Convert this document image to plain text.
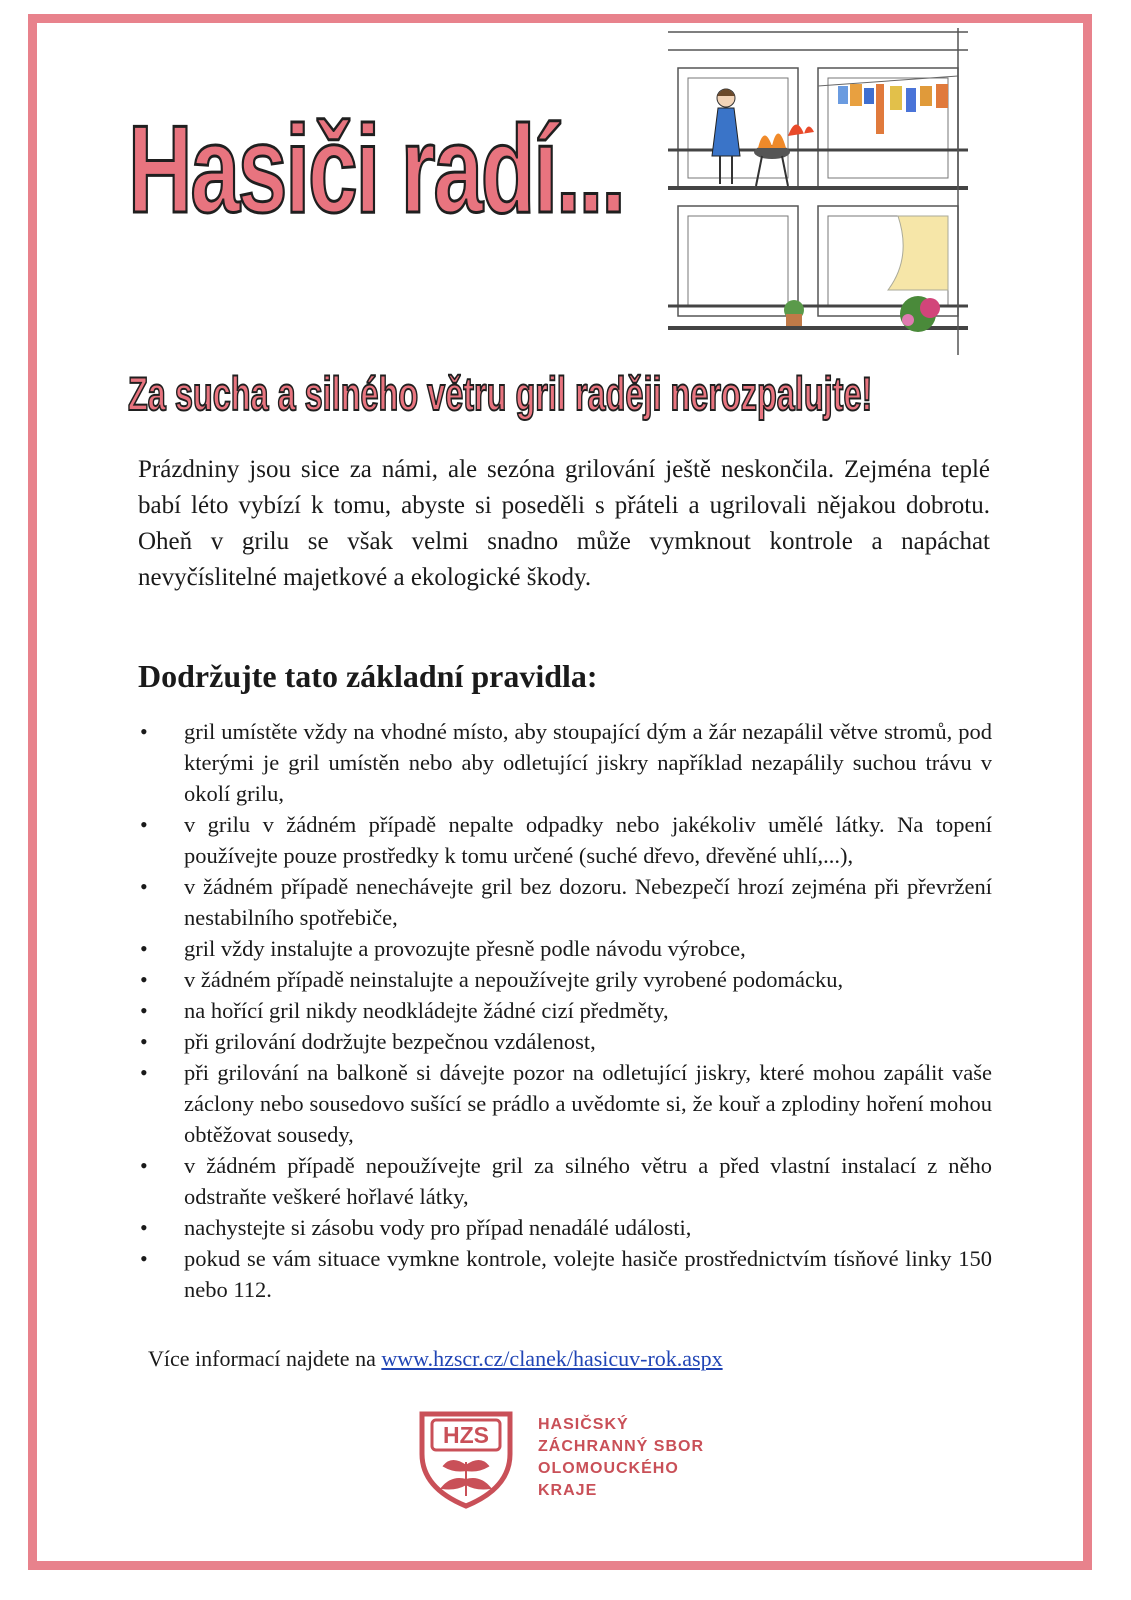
Hasiči radí...
Za sucha a silného větru gril raději nerozpalujte!
Prázdniny jsou sice za námi, ale sezóna grilování ještě neskončila. Zejména teplé babí léto vybízí k tomu, abyste si poseděli s přáteli a ugrilovali nějakou dobrotu. Oheň v grilu se však velmi snadno může vymknout kontrole a napáchat nevyčíslitelné majetkové a ekologické škody.
Dodržujte tato základní pravidla:
• gril umístěte vždy na vhodné místo, aby stoupající dým a žár nezapálil větve stromů, pod kterými je gril umístěn nebo aby odletující jiskry například nezapálily suchou trávu v okolí grilu,
• v grilu v žádném případě nepalte odpadky nebo jakékoliv umělé látky. Na topení používejte pouze prostředky k tomu určené (suché dřevo, dřevěné uhlí,...),
• v žádném případě nenechávejte gril bez dozoru. Nebezpečí hrozí zejména při převržení nestabilního spotřebiče,
• gril vždy instalujte a provozujte přesně podle návodu výrobce,
• v žádném případě neinstalujte a nepoužívejte grily vyrobené podomácku,
• na hořící gril nikdy neodkládejte žádné cizí předměty,
• při grilování dodržujte bezpečnou vzdálenost,
• při grilování na balkoně si dávejte pozor na odletující jiskry, které mohou zapálit vaše záclony nebo sousedovo sušící se prádlo a uvědomte si, že kouř a zplodiny hoření mohou obtěžovat sousedy,
• v žádném případě nepoužívejte gril za silného větru a před vlastní instalací z něho odstraňte veškeré hořlavé látky,
• nachystejte si zásobu vody pro případ nenadálé události,
• pokud se vám situace vymkne kontrole, volejte hasiče prostřednictvím tísňové linky 150 nebo 112.
Více informací najdete na www.hzscr.cz/clanek/hasicuv-rok.aspx
HZS	HASIČSKÝ
ZÁCHRANNÝ SBOR
OLOMOUCKÉHO
KRAJE
